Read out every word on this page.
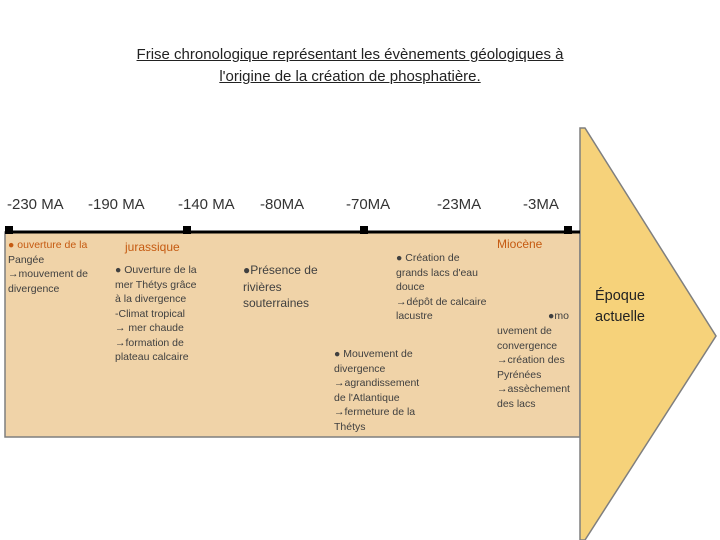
Frise chronologique représentant les évènements géologiques à
l'origine de la création de phosphatière.
-230 MA -190 MA -140 MA -80MA	-70MA	-23MA	-3MA
● ouverture de la
Pangée
→mouvement de
divergence
jurassique
● Ouverture de la
mer Thétys grâce
à la divergence
-Climat tropical
→ mer chaude
→formation de
plateau calcaire
●Présence de
rivières
souterraines
● Création de
grands lacs d'eau
douce
→dépôt de calcaire
lacustre
● Mouvement de
divergence
→agrandissement
de l'Atlantique
→fermeture de la
Thétys
Miocène
●mo
uvement de
convergence
→création des
Pyrénées
→assèchement
des lacs
Époque
actuelle
